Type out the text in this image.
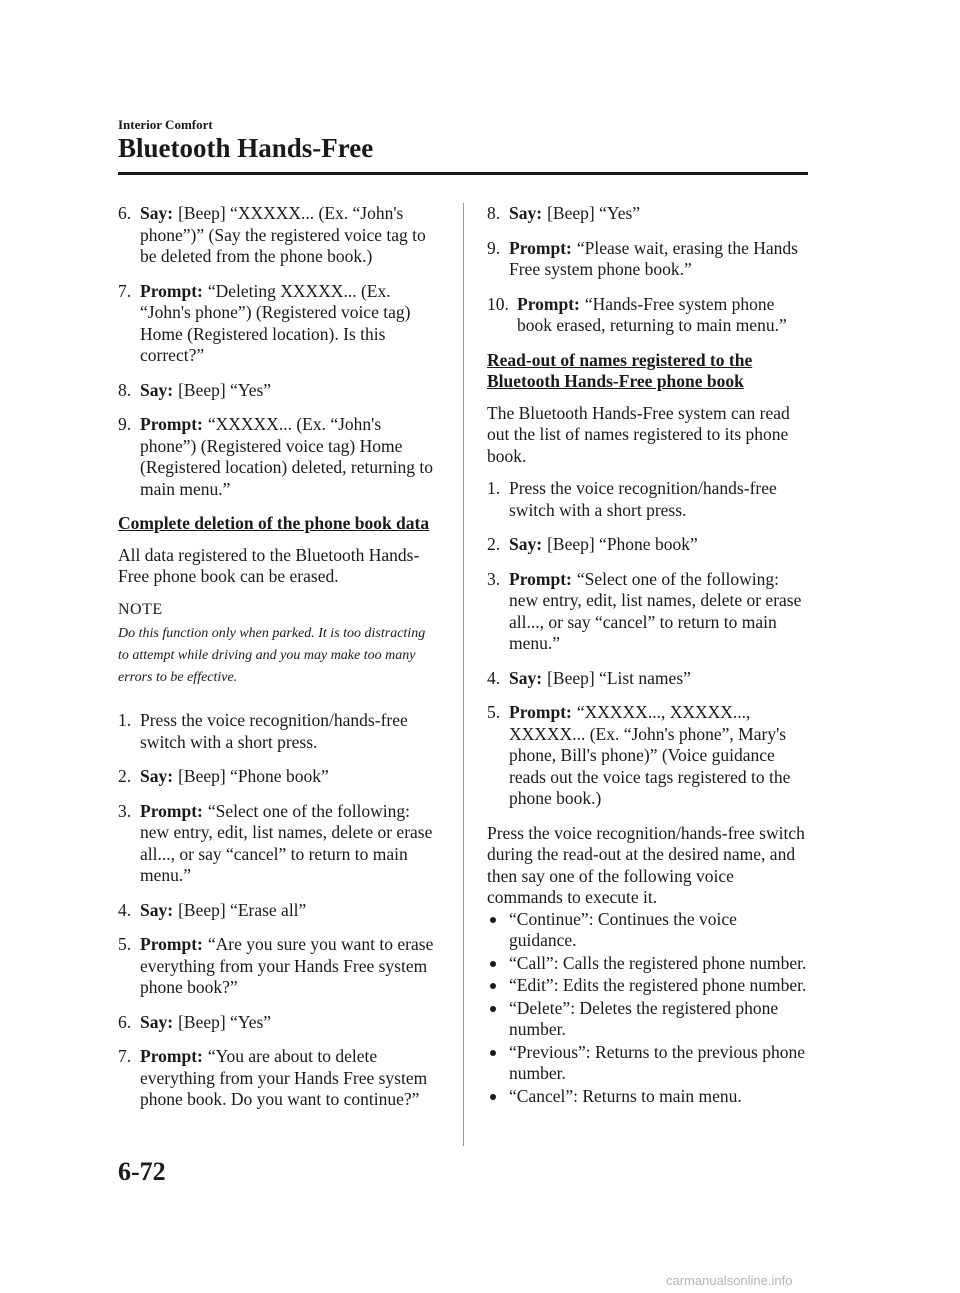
Interior Comfort
Bluetooth Hands-Free
6. Say: [Beep] “XXXXX... (Ex. “John's phone”)” (Say the registered voice tag to be deleted from the phone book.)
7. Prompt: “Deleting XXXXX... (Ex. “John's phone”) (Registered voice tag) Home (Registered location). Is this correct?”
8. Say: [Beep] “Yes”
9. Prompt: “XXXXX... (Ex. “John's phone”) (Registered voice tag) Home (Registered location) deleted, returning to main menu.”
Complete deletion of the phone book data
All data registered to the Bluetooth Hands-Free phone book can be erased.
NOTE
Do this function only when parked. It is too distracting to attempt while driving and you may make too many errors to be effective.
1. Press the voice recognition/hands-free switch with a short press.
2. Say: [Beep] “Phone book”
3. Prompt: “Select one of the following: new entry, edit, list names, delete or erase all..., or say “cancel” to return to main menu.”
4. Say: [Beep] “Erase all”
5. Prompt: “Are you sure you want to erase everything from your Hands Free system phone book?”
6. Say: [Beep] “Yes”
7. Prompt: “You are about to delete everything from your Hands Free system phone book. Do you want to continue?”
8. Say: [Beep] “Yes”
9. Prompt: “Please wait, erasing the Hands Free system phone book.”
10. Prompt: “Hands-Free system phone book erased, returning to main menu.”
Read-out of names registered to the Bluetooth Hands-Free phone book
The Bluetooth Hands-Free system can read out the list of names registered to its phone book.
1. Press the voice recognition/hands-free switch with a short press.
2. Say: [Beep] “Phone book”
3. Prompt: “Select one of the following: new entry, edit, list names, delete or erase all..., or say “cancel” to return to main menu.”
4. Say: [Beep] “List names”
5. Prompt: “XXXXX..., XXXXX..., XXXXX... (Ex. “John's phone”, Mary's phone, Bill's phone)” (Voice guidance reads out the voice tags registered to the phone book.)
Press the voice recognition/hands-free switch during the read-out at the desired name, and then say one of the following voice commands to execute it.
“Continue”: Continues the voice guidance.
“Call”: Calls the registered phone number.
“Edit”: Edits the registered phone number.
“Delete”: Deletes the registered phone number.
“Previous”: Returns to the previous phone number.
“Cancel”: Returns to main menu.
6-72
carmanualsonline.info
